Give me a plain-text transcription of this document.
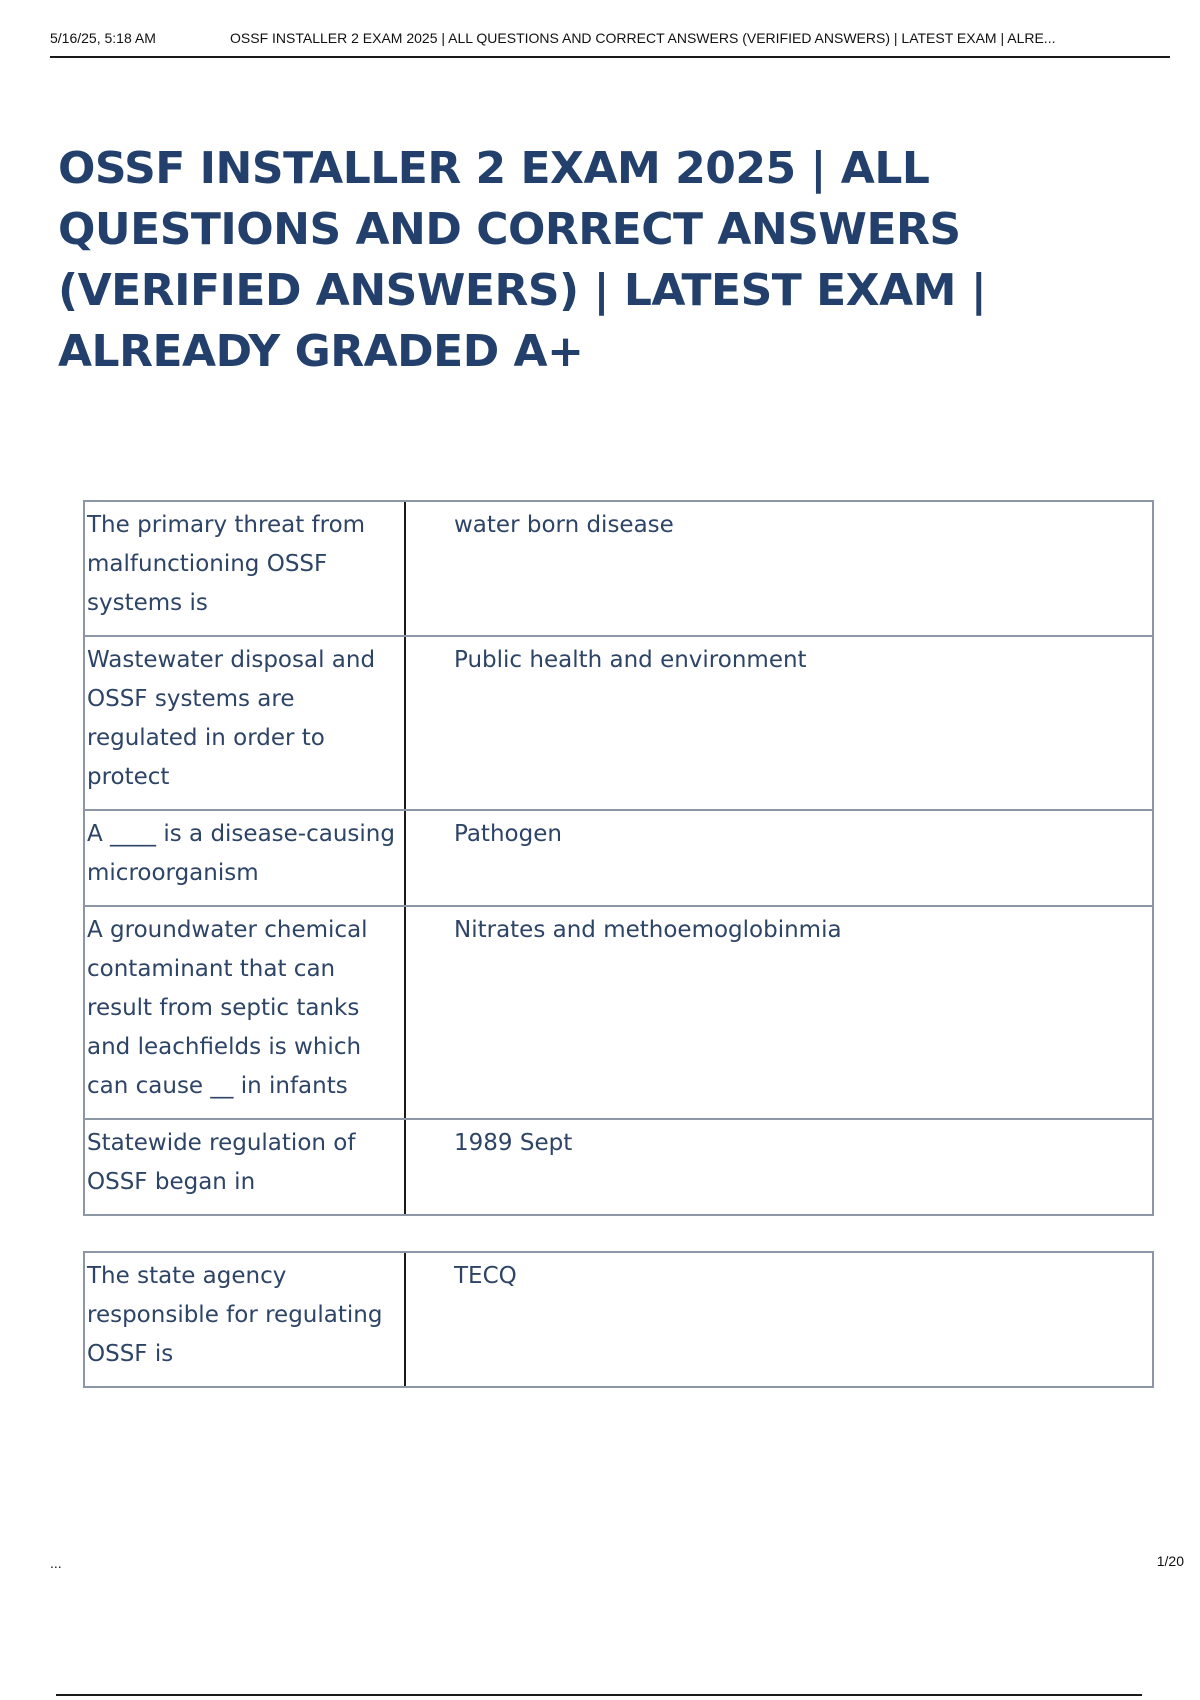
5/16/25, 5:18 AM	OSSF INSTALLER 2 EXAM 2025 | ALL QUESTIONS AND CORRECT ANSWERS (VERIFIED ANSWERS) | LATEST EXAM | ALRE...
OSSF INSTALLER 2 EXAM 2025 | ALL QUESTIONS AND CORRECT ANSWERS (VERIFIED ANSWERS) | LATEST EXAM | ALREADY GRADED A+
The primary threat from malfunctioning OSSF systems is
water born disease
Wastewater disposal and OSSF systems are regulated in order to protect
Public health and environment
A ____ is a disease-causing microorganism
Pathogen
A groundwater chemical contaminant that can result from septic tanks and leachfields is which can cause __ in infants
Nitrates and methoemoglobinmia
Statewide regulation of OSSF began in
1989 Sept
The state agency responsible for regulating OSSF is
TECQ
...	1/20
